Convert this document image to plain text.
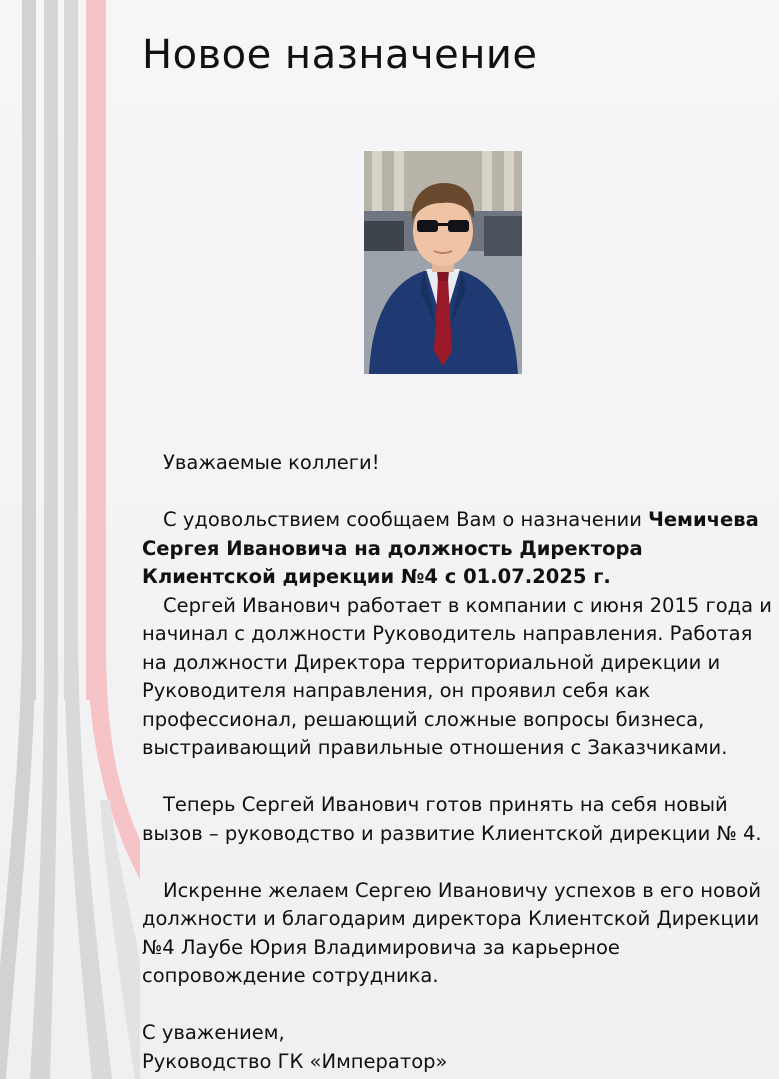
Новое назначение

Уважаемые коллеги!

С удовольствием сообщаем Вам о назначении Чемичева Сергея Ивановича на должность Директора Клиентской дирекции №4 с 01.07.2025 г.

Сергей Иванович работает в компании с июня 2015 года и начинал с должности Руководитель направления. Работая на должности Директора территориальной дирекции и Руководителя направления, он проявил себя как профессионал, решающий сложные вопросы бизнеса, выстраивающий правильные отношения с Заказчиками.

Теперь Сергей Иванович готов принять на себя новый вызов – руководство и развитие Клиентской дирекции № 4.

Искренне желаем Сергею Ивановичу успехов в его новой должности и благодарим директора Клиентской Дирекции №4 Лаубе Юрия Владимировича за карьерное сопровождение сотрудника.

С уважением,

Руководство ГК «Император»
